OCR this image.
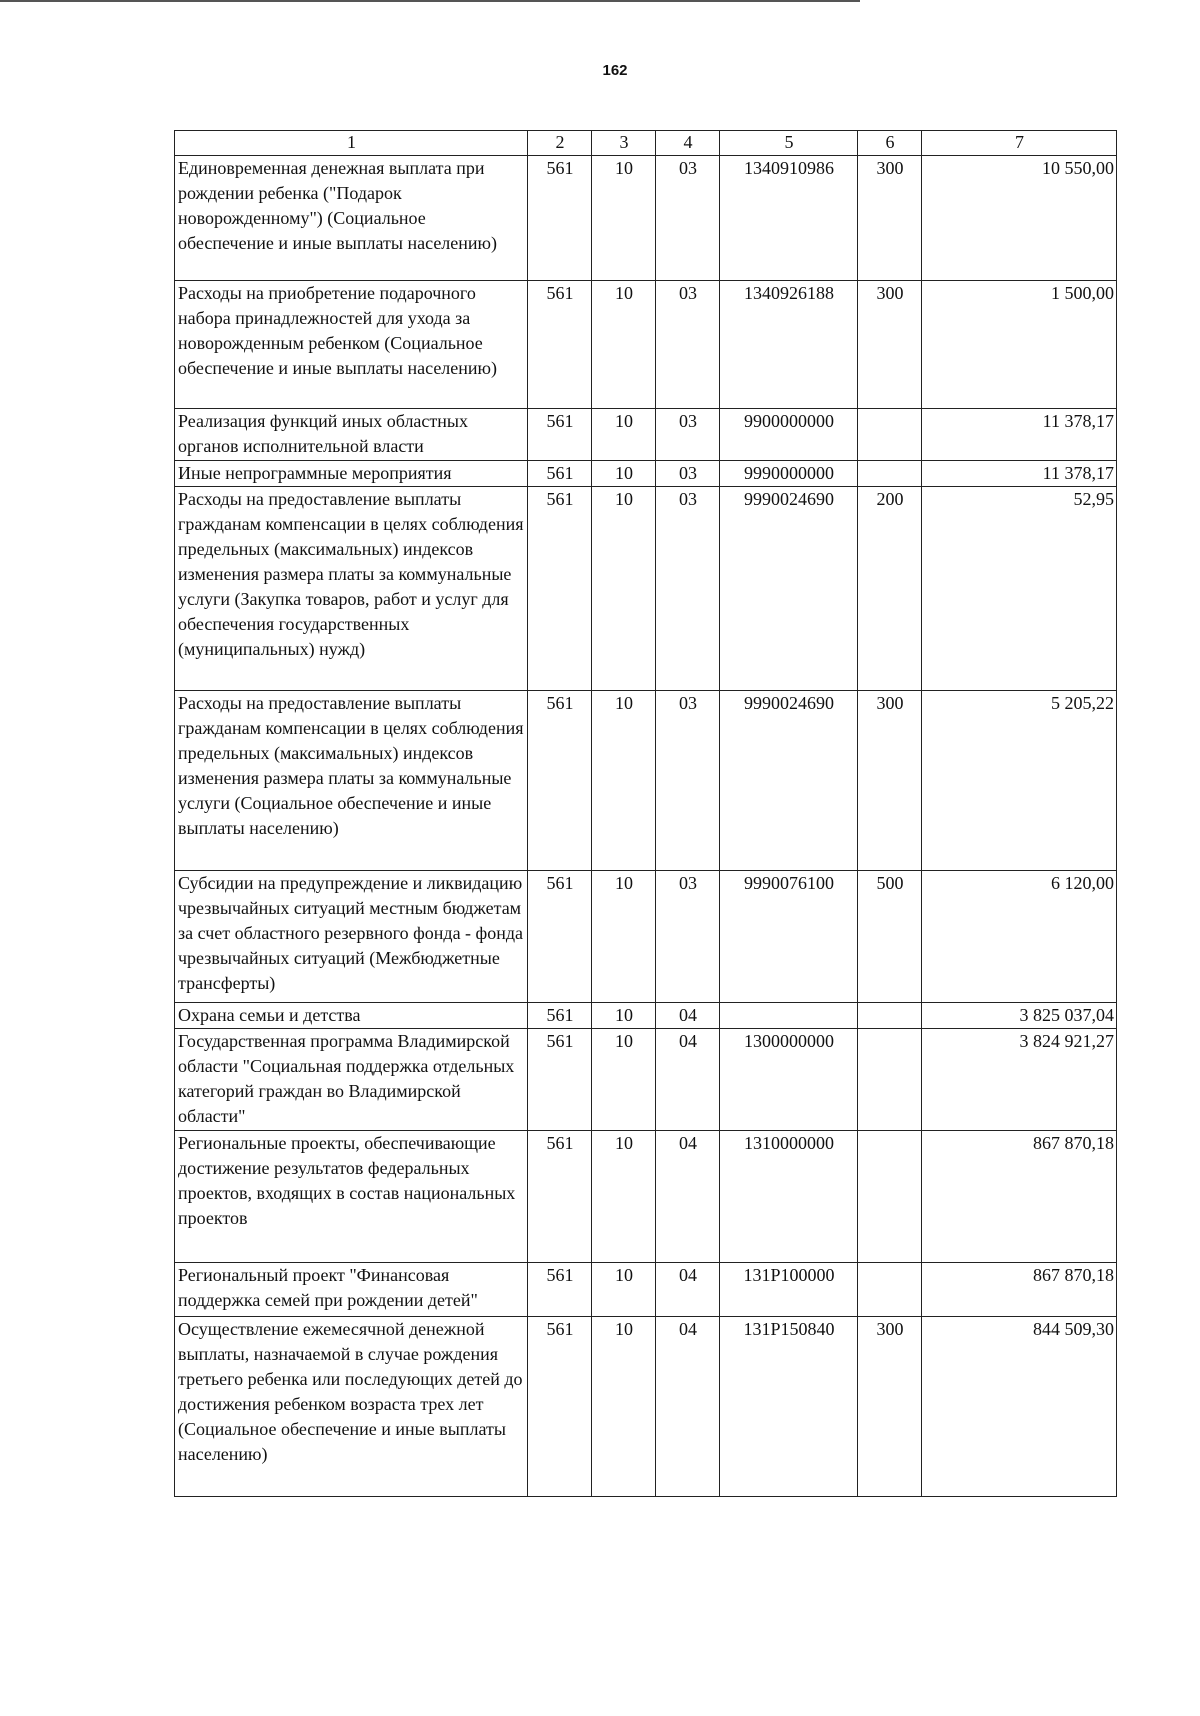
162
1	2	3	4	5	6	7
Единовременная денежная выплата при рождении ребенка ("Подарок новорожденному") (Социальное обеспечение и иные выплаты населению)	561	10	03	1340910986	300	10 550,00
Расходы на приобретение подарочного набора принадлежностей для ухода за новорожденным ребенком (Социальное обеспечение и иные выплаты населению)	561	10	03	1340926188	300	1 500,00
Реализация функций иных областных органов исполнительной власти	561	10	03	9900000000		11 378,17
Иные непрограммные мероприятия	561	10	03	9990000000		11 378,17
Расходы на предоставление выплаты гражданам компенсации в целях соблюдения предельных (максимальных) индексов изменения размера платы за коммунальные услуги (Закупка товаров, работ и услуг для обеспечения государственных (муниципальных) нужд)	561	10	03	9990024690	200	52,95
Расходы на предоставление выплаты гражданам компенсации в целях соблюдения предельных (максимальных) индексов изменения размера платы за коммунальные услуги (Социальное обеспечение и иные выплаты населению)	561	10	03	9990024690	300	5 205,22
Субсидии на предупреждение и ликвидацию чрезвычайных ситуаций местным бюджетам за счет областного резервного фонда - фонда чрезвычайных ситуаций (Межбюджетные трансферты)	561	10	03	9990076100	500	6 120,00
Охрана семьи и детства	561	10	04			3 825 037,04
Государственная программа Владимирской области "Социальная поддержка отдельных категорий граждан во Владимирской области"	561	10	04	1300000000		3 824 921,27
Региональные проекты, обеспечивающие достижение результатов федеральных проектов, входящих в состав национальных проектов	561	10	04	1310000000		867 870,18
Региональный проект "Финансовая поддержка семей при рождении детей"	561	10	04	131P100000		867 870,18
Осуществление ежемесячной денежной выплаты, назначаемой в случае рождения третьего ребенка или последующих детей до достижения ребенком возраста трех лет (Социальное обеспечение и иные выплаты населению)	561	10	04	131P150840	300	844 509,30
